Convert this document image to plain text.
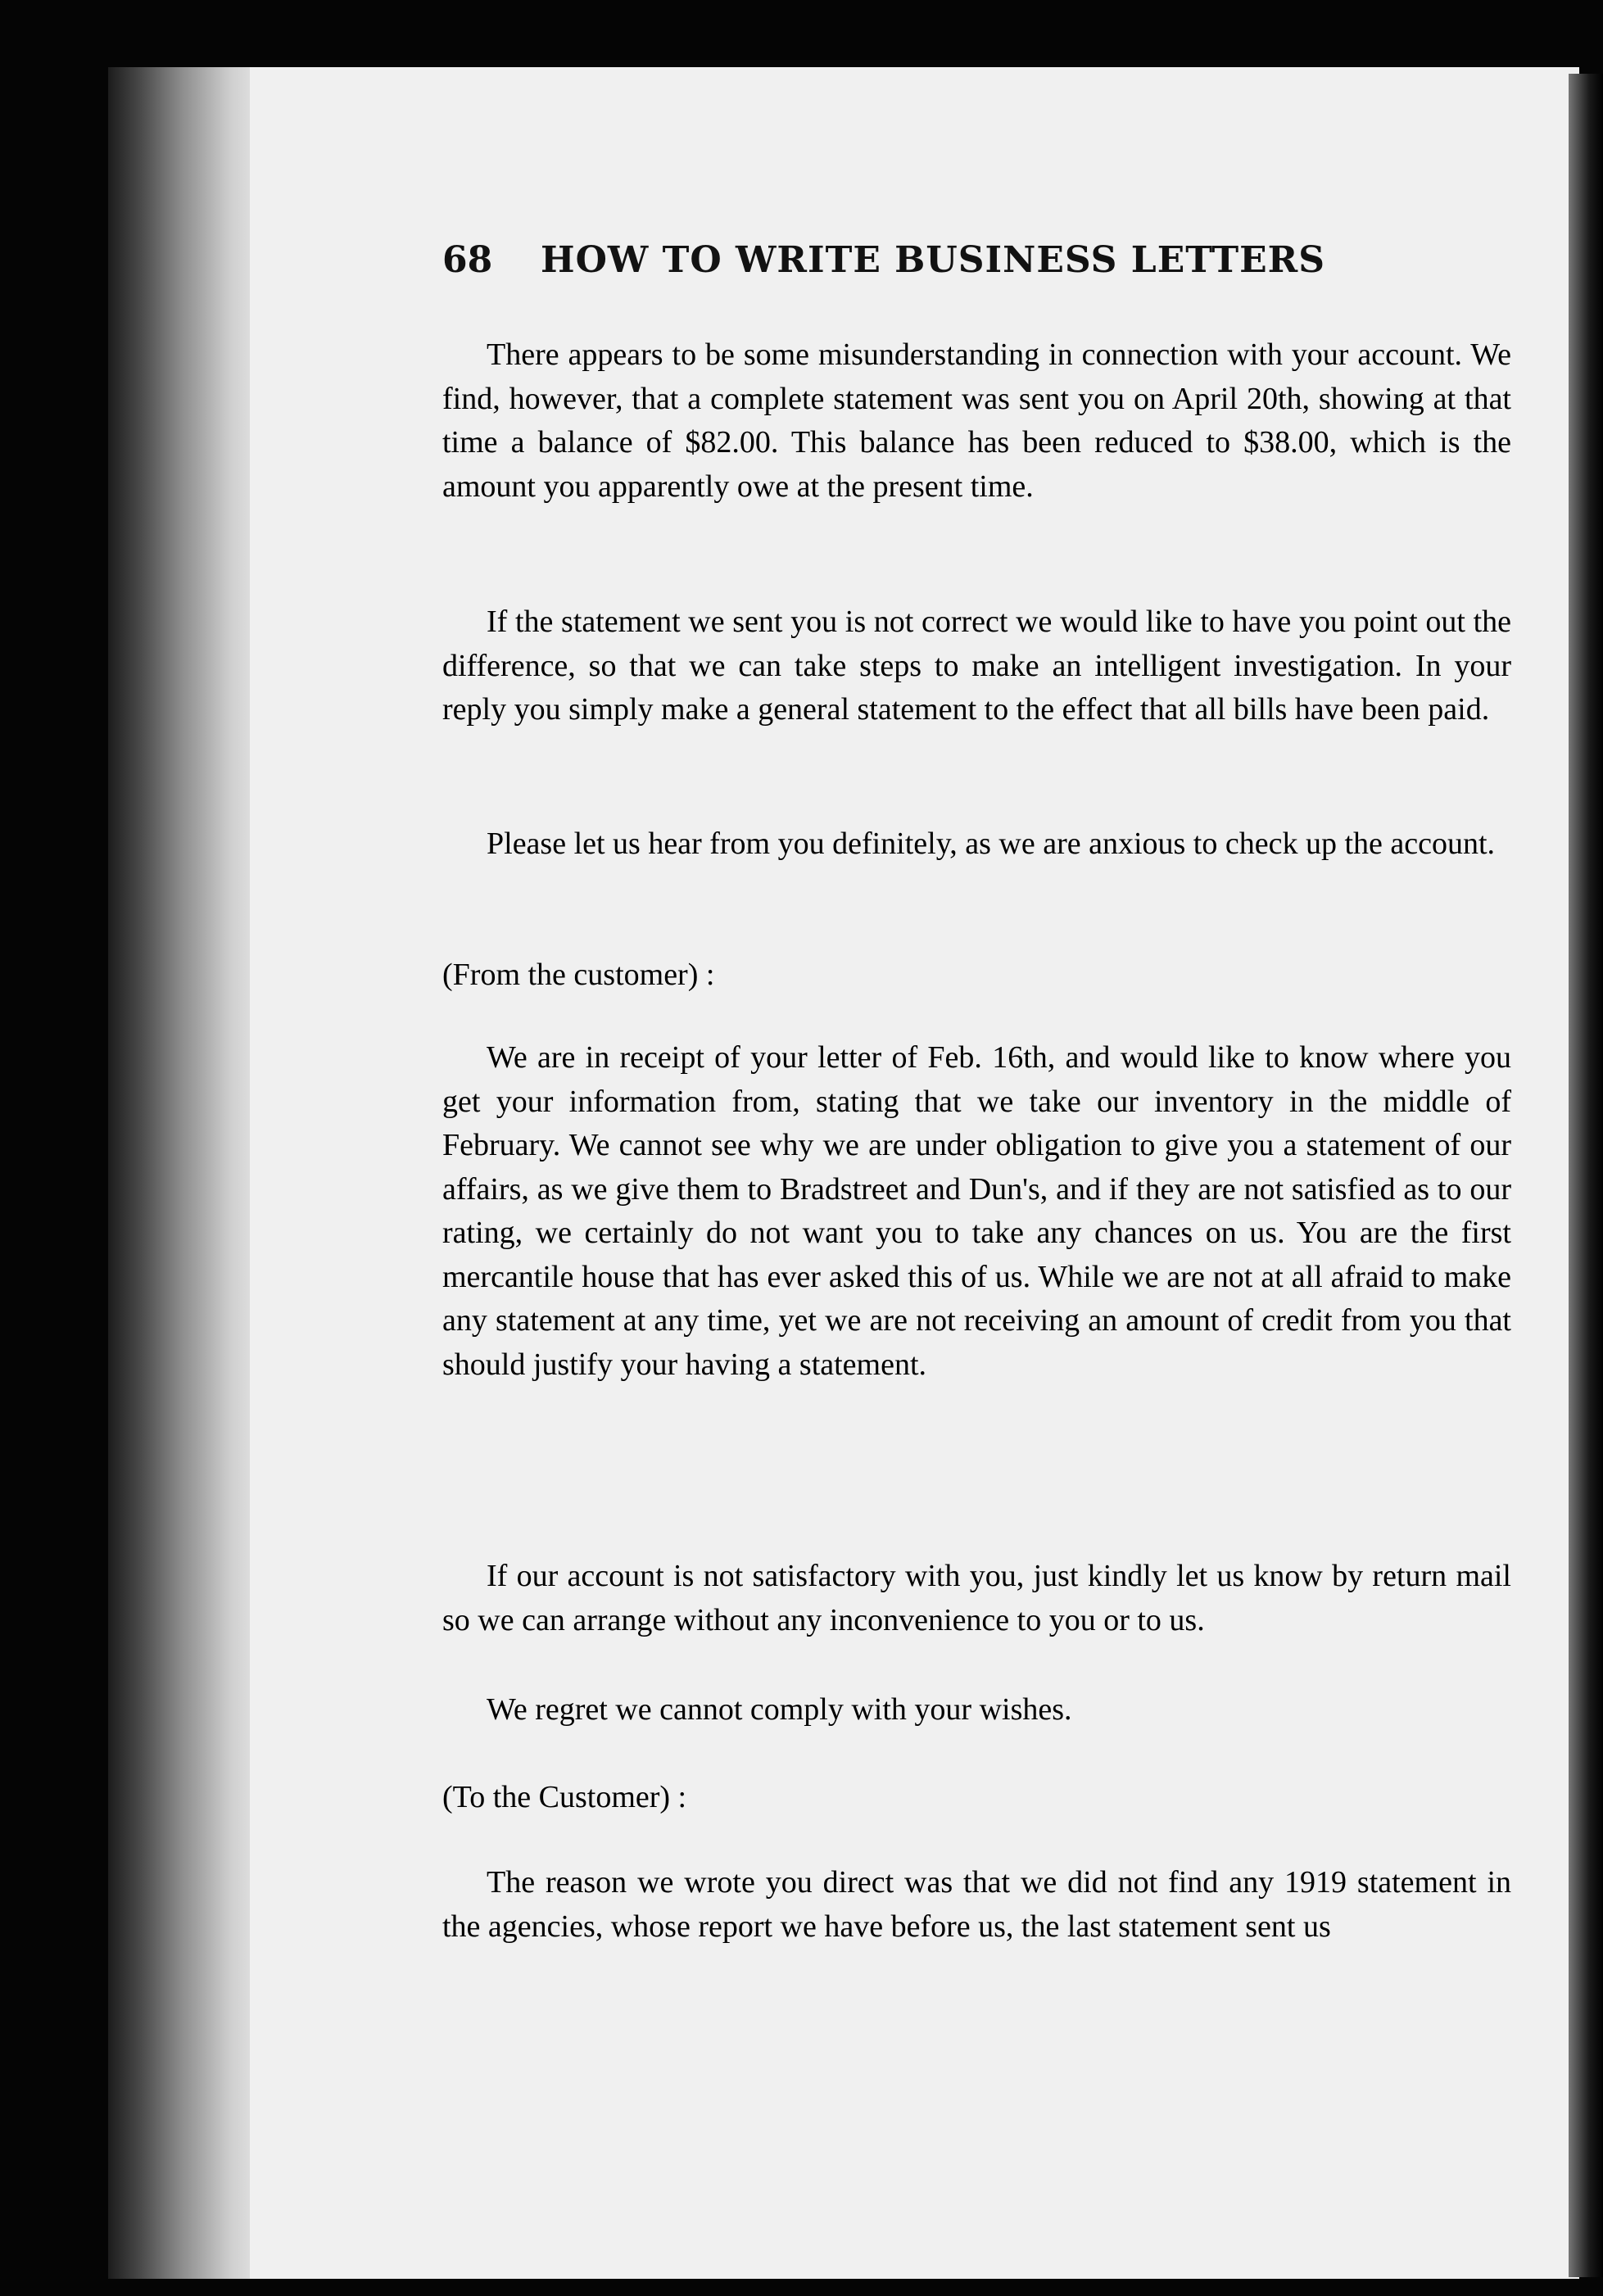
68 HOW TO WRITE BUSINESS LETTERS

There appears to be some misunderstanding in connection with your account. We find, however, that a complete statement was sent you on April 20th, showing at that time a balance of $82.00. This balance has been reduced to $38.00, which is the amount you apparently owe at the present time.

If the statement we sent you is not correct we would like to have you point out the difference, so that we can take steps to make an intelligent investigation. In your reply you simply make a general statement to the effect that all bills have been paid.

Please let us hear from you definitely, as we are anxious to check up the account.

(From the customer) :

We are in receipt of your letter of Feb. 16th, and would like to know where you get your information from, stating that we take our inventory in the middle of February. We cannot see why we are under obligation to give you a statement of our affairs, as we give them to Bradstreet and Dun's, and if they are not satisfied as to our rating, we certainly do not want you to take any chances on us. You are the first mercantile house that has ever asked this of us. While we are not at all afraid to make any statement at any time, yet we are not receiving an amount of credit from you that should justify your having a statement.

If our account is not satisfactory with you, just kindly let us know by return mail so we can arrange without any inconvenience to you or to us.

We regret we cannot comply with your wishes.

(To the Customer) :

The reason we wrote you direct was that we did not find any 1919 statement in the agencies, whose report we have before us, the last statement sent us
